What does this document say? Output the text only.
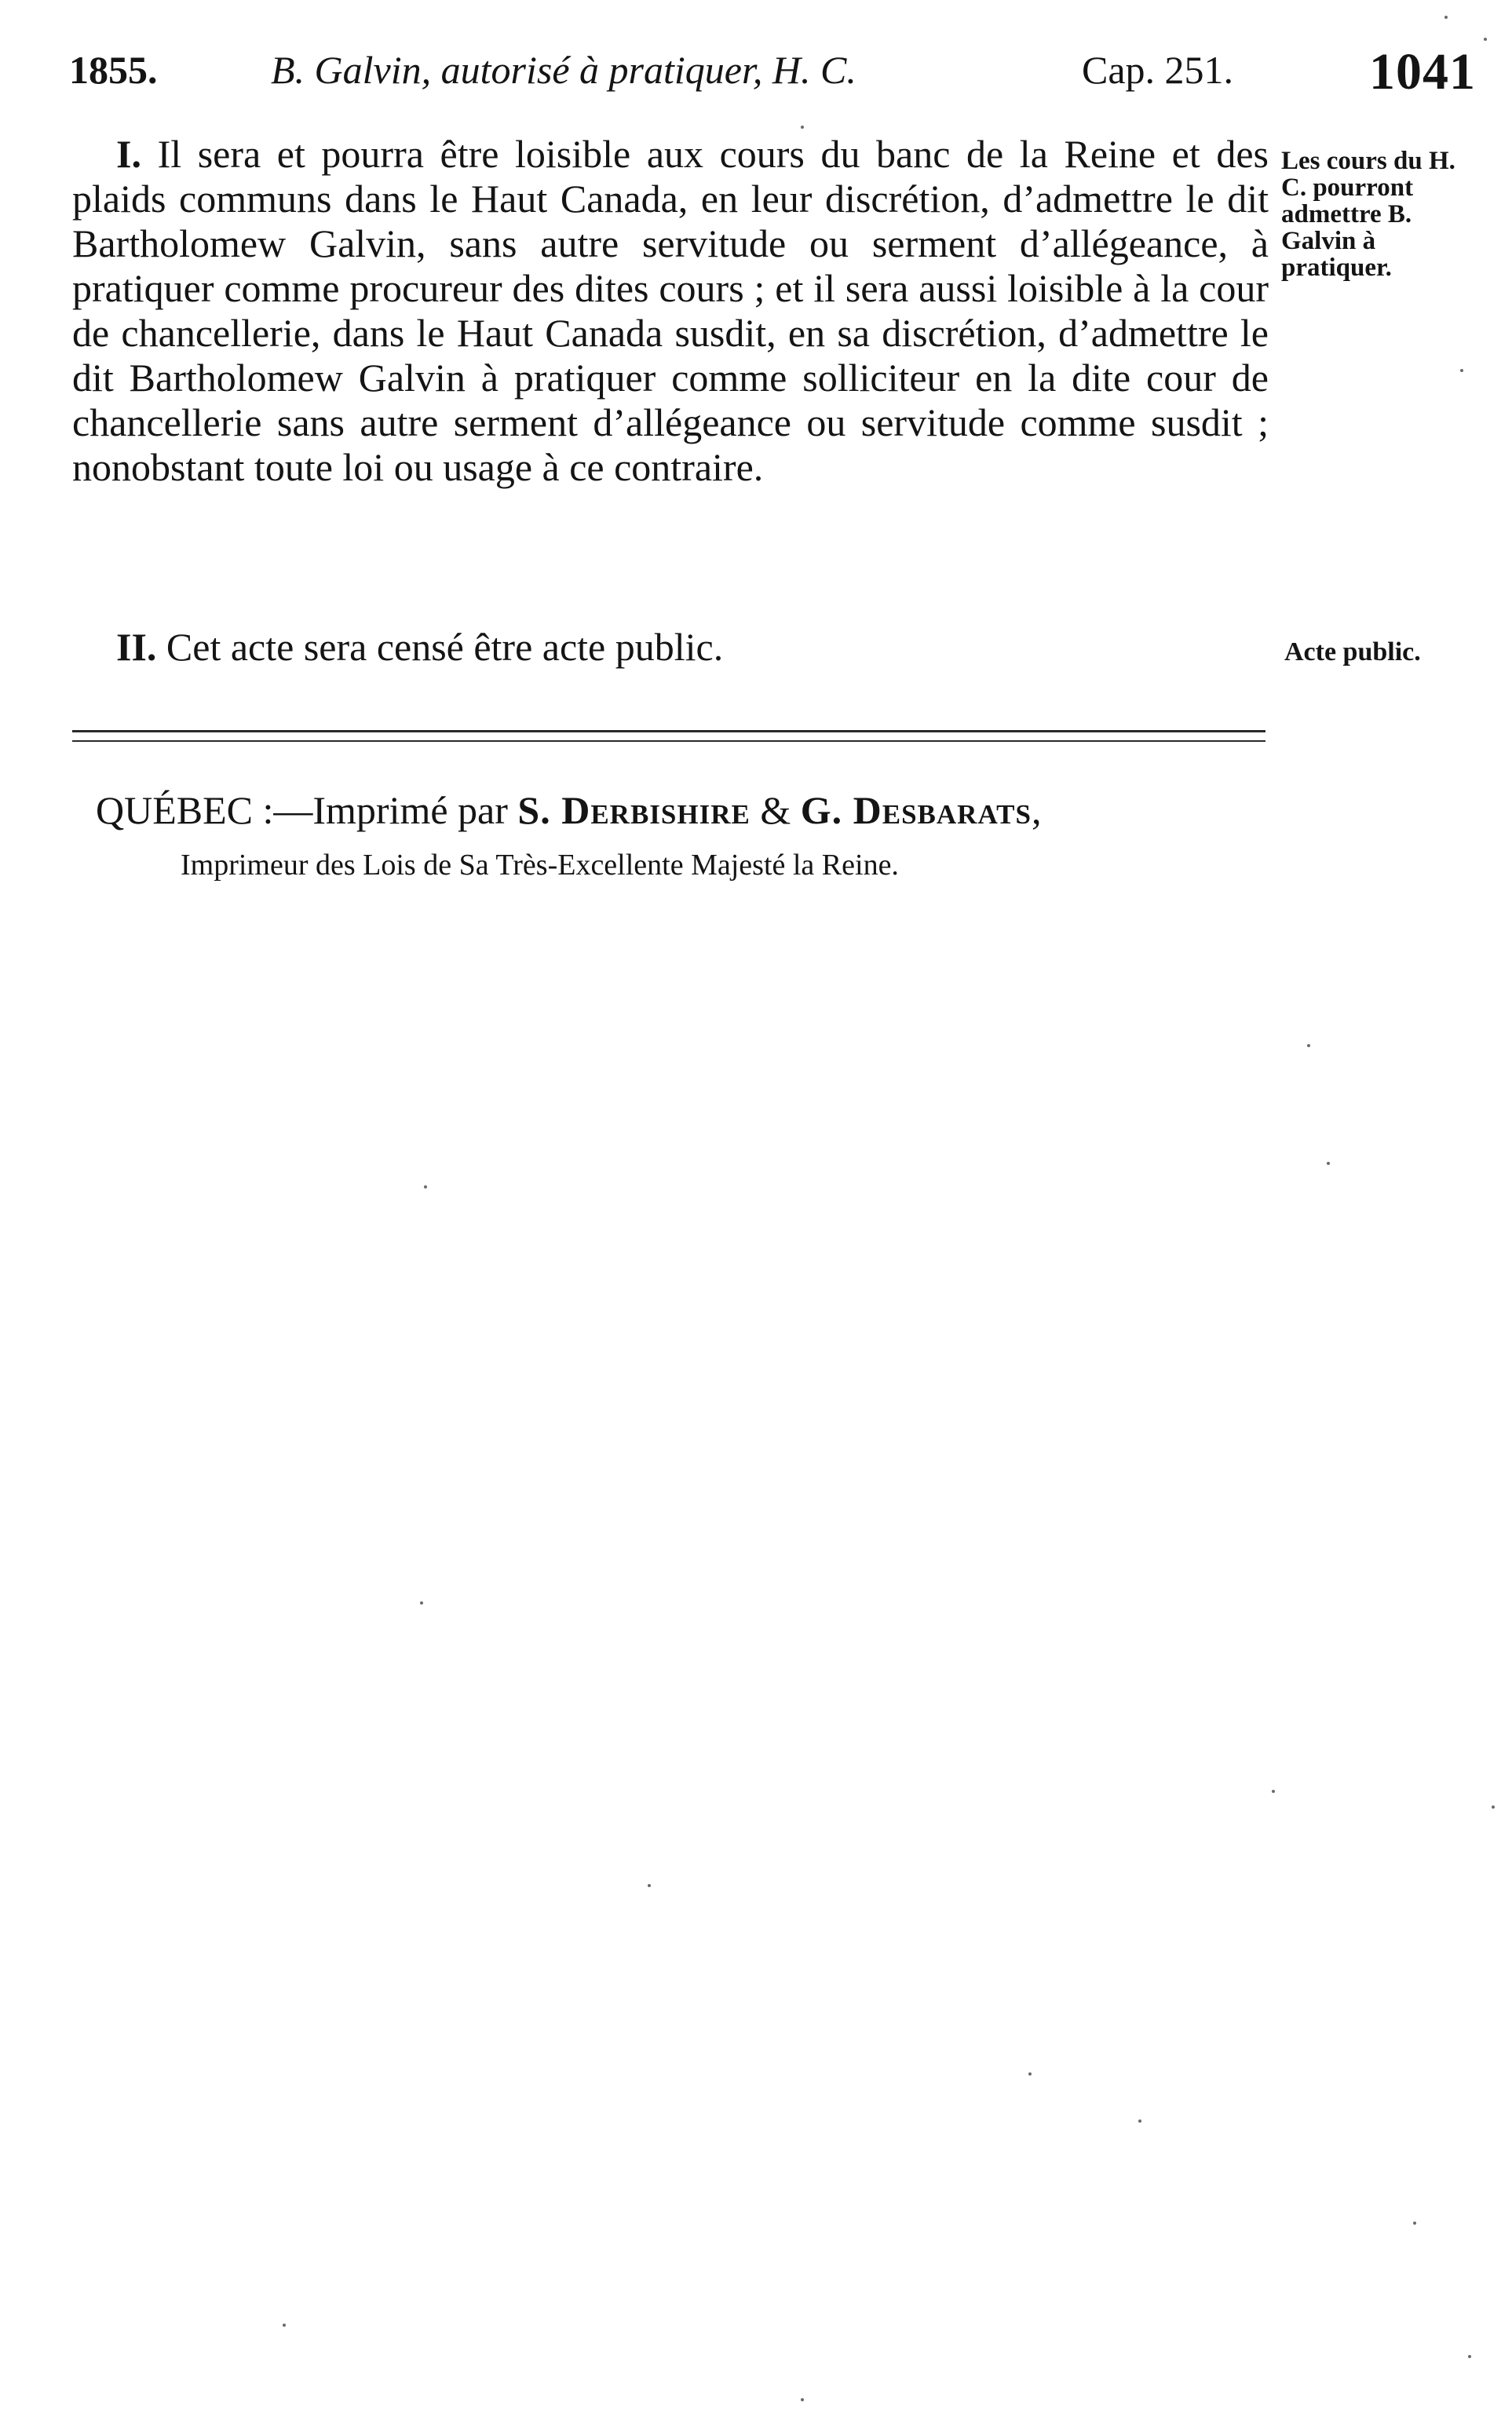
1855.	B. Galvin, autorisé à pratiquer, H. C.	Cap. 251.	1041

I. Il sera et pourra être loisible aux cours du banc de la Reine et des plaids communs dans le Haut Canada, en leur discrétion, d’admettre le dit Bartholomew Galvin, sans autre servitude ou serment d’allégeance, à pratiquer comme procureur des dites cours ; et il sera aussi loisible à la cour de chancellerie, dans le Haut Canada susdit, en sa discrétion, d’admettre le dit Bartholomew Galvin à pratiquer comme solliciteur en la dite cour de chancellerie sans autre serment d’allégeance ou servitude comme susdit ; nonobstant toute loi ou usage à ce contraire.

II. Cet acte sera censé être acte public.

Les cours du H. C. pourront admettre B. Galvin à pratiquer.
Acte public.
QUÉBEC :—Imprimé par S. Derbishire & G. Desbarats,
Imprimeur des Lois de Sa Très-Excellente Majesté la Reine.
